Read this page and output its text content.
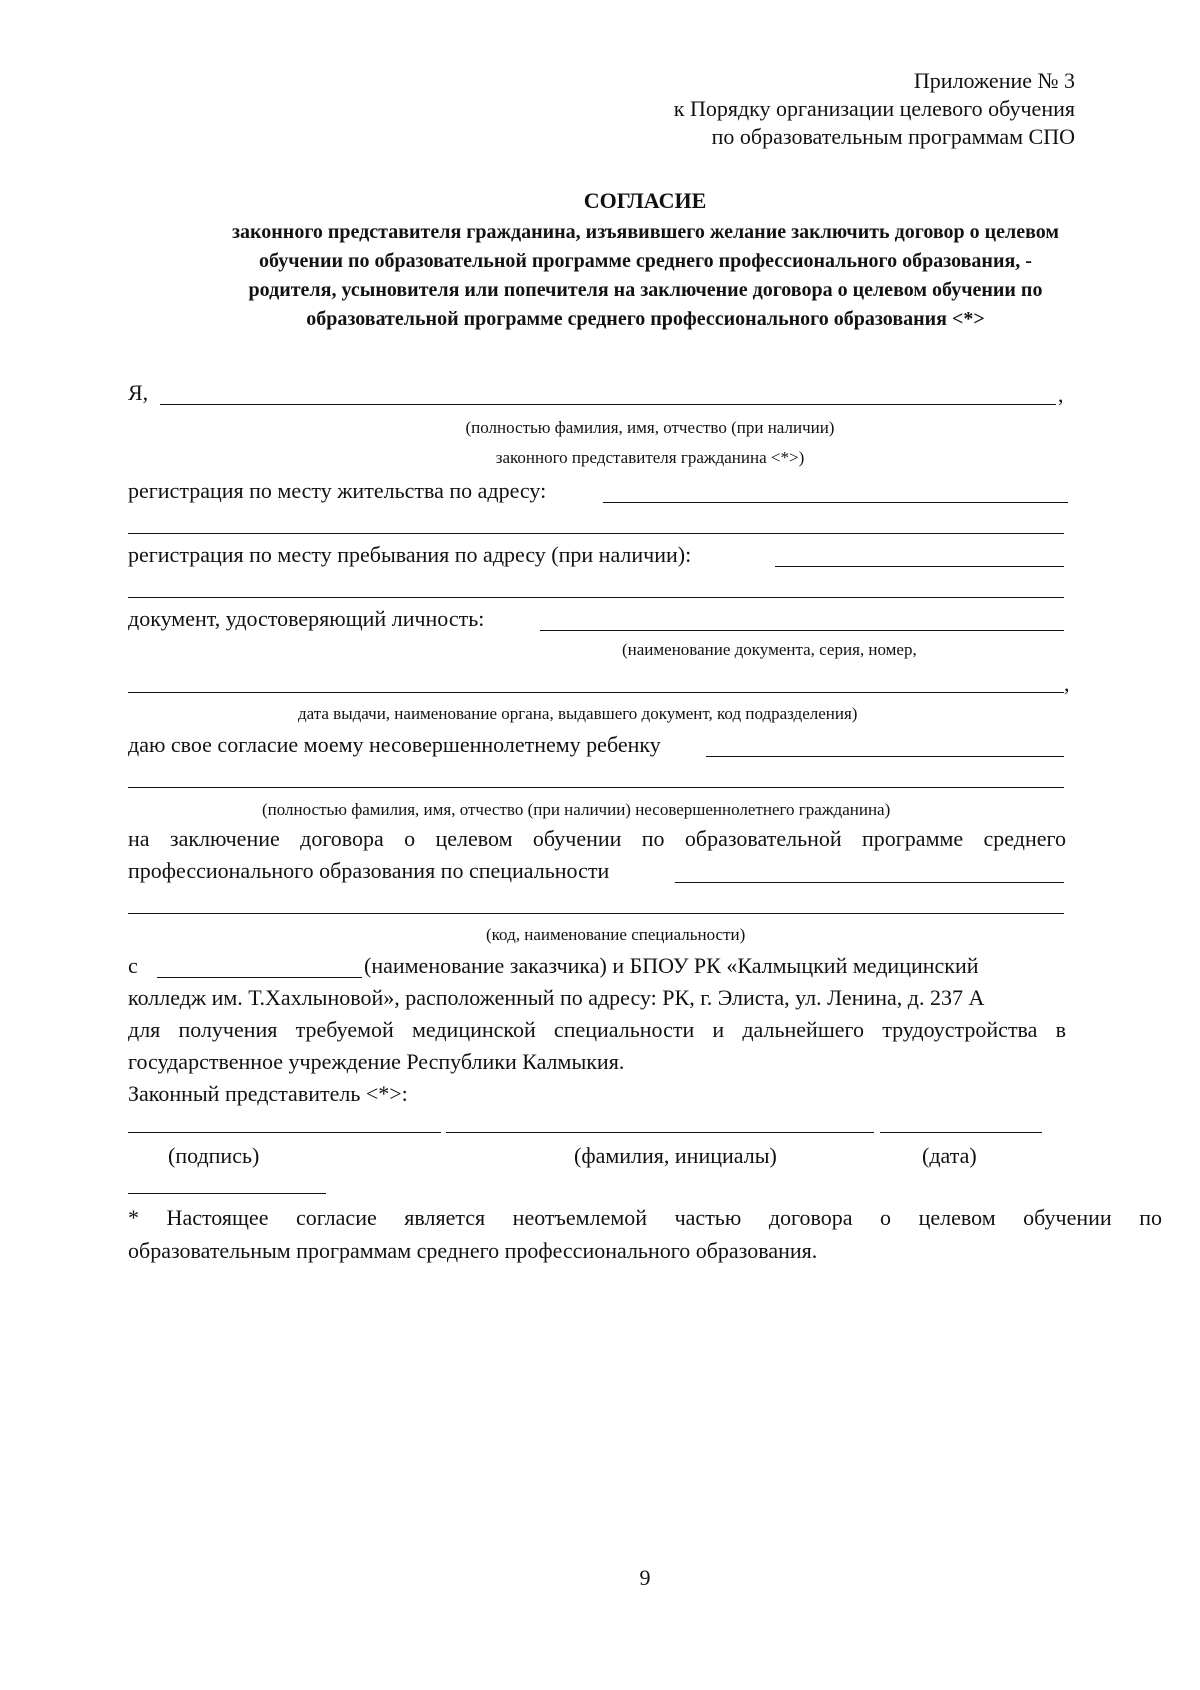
Приложение № 3
к Порядку организации целевого обучения
по образовательным программам СПО
СОГЛАСИЕ
законного представителя гражданина, изъявившего желание заключить договор о целевом
обучении по образовательной программе среднего профессионального образования, -
родителя, усыновителя или попечителя на заключение договора о целевом обучении по
образовательной программе среднего профессионального образования <*>
Я,	,
(полностью фамилия, имя, отчество (при наличии)
законного представителя гражданина <*>)
регистрация по месту жительства по адресу:
регистрация по месту пребывания по адресу (при наличии):
документ, удостоверяющий личность:
(наименование документа, серия, номер,
,
дата выдачи, наименование органа, выдавшего документ, код подразделения)
даю свое согласие моему несовершеннолетнему ребенку
(полностью фамилия, имя, отчество (при наличии) несовершеннолетнего гражданина)
на заключение договора о целевом обучении по образовательной программе среднего
профессионального образования по специальности
(код, наименование специальности)
с	(наименование заказчика) и БПОУ РК «Калмыцкий медицинский
колледж им. Т.Хахлыновой», расположенный по адресу: РК, г. Элиста, ул. Ленина, д. 237 А
для получения требуемой медицинской специальности и дальнейшего трудоустройства в
государственное учреждение Республики Калмыкия.
Законный представитель <*>:
(подпись)	(фамилия, инициалы)	(дата)
* Настоящее согласие является неотъемлемой частью договора о целевом обучении по
образовательным программам среднего профессионального образования.
9
